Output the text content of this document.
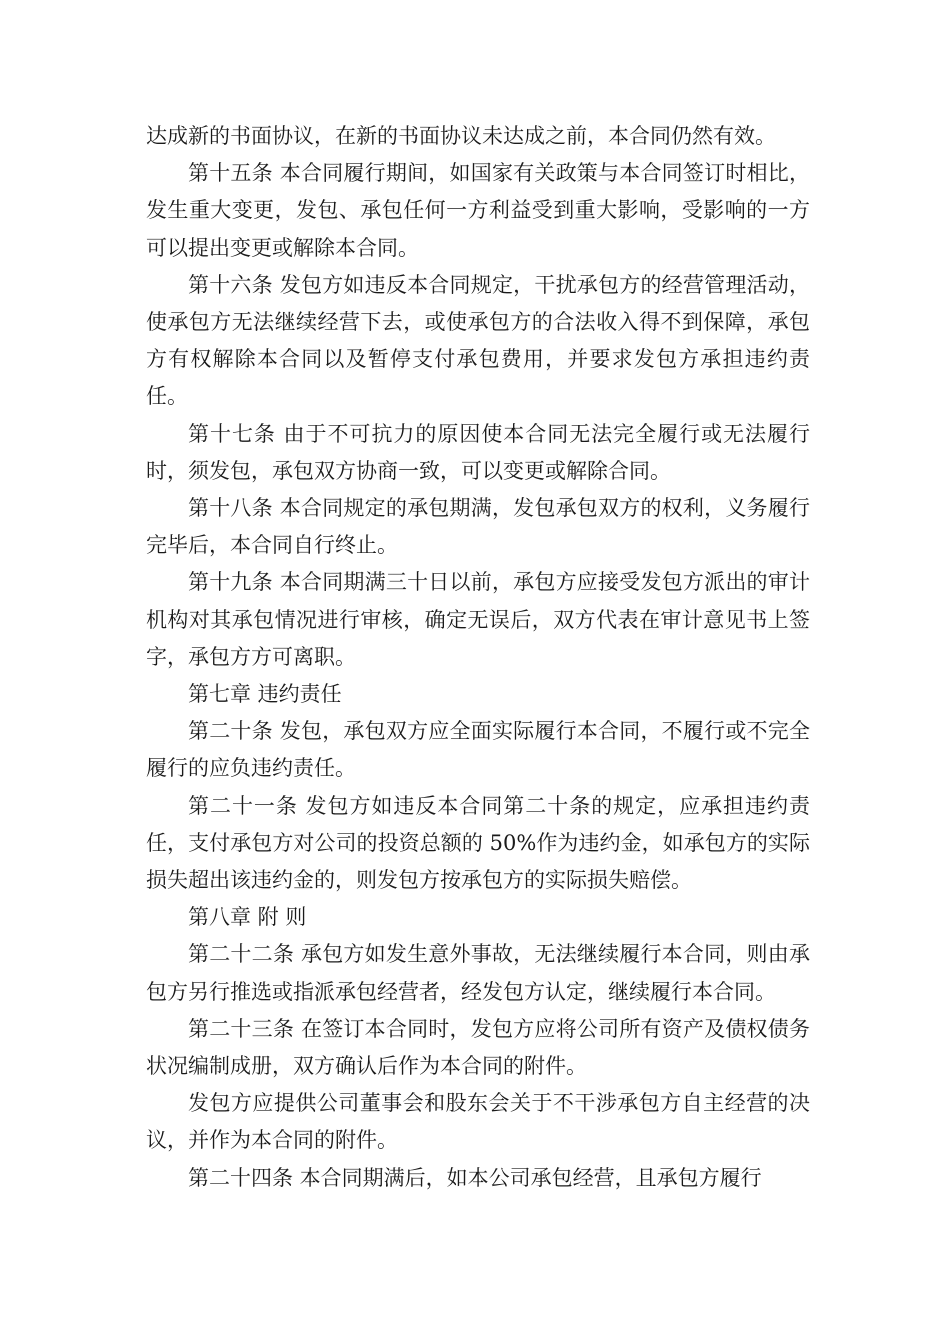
达成新的书面协议，在新的书面协议未达成之前，本合同仍然有效。

第十五条 本合同履行期间，如国家有关政策与本合同签订时相比，发生重大变更，发包、承包任何一方利益受到重大影响，受影响的一方可以提出变更或解除本合同。

第十六条 发包方如违反本合同规定，干扰承包方的经营管理活动，使承包方无法继续经营下去，或使承包方的合法收入得不到保障，承包方有权解除本合同以及暂停支付承包费用，并要求发包方承担违约责任。

第十七条 由于不可抗力的原因使本合同无法完全履行或无法履行时，须发包，承包双方协商一致，可以变更或解除合同。

第十八条 本合同规定的承包期满，发包承包双方的权利，义务履行完毕后，本合同自行终止。

第十九条 本合同期满三十日以前，承包方应接受发包方派出的审计机构对其承包情况进行审核，确定无误后，双方代表在审计意见书上签字，承包方方可离职。

第七章 违约责任

第二十条 发包，承包双方应全面实际履行本合同，不履行或不完全履行的应负违约责任。

第二十一条 发包方如违反本合同第二十条的规定，应承担违约责任，支付承包方对公司的投资总额的 50%作为违约金，如承包方的实际损失超出该违约金的，则发包方按承包方的实际损失赔偿。

第八章 附 则

第二十二条 承包方如发生意外事故，无法继续履行本合同，则由承包方另行推选或指派承包经营者，经发包方认定，继续履行本合同。

第二十三条 在签订本合同时，发包方应将公司所有资产及债权债务状况编制成册，双方确认后作为本合同的附件。

发包方应提供公司董事会和股东会关于不干涉承包方自主经营的决议，并作为本合同的附件。

第二十四条 本合同期满后，如本公司承包经营，且承包方履行
